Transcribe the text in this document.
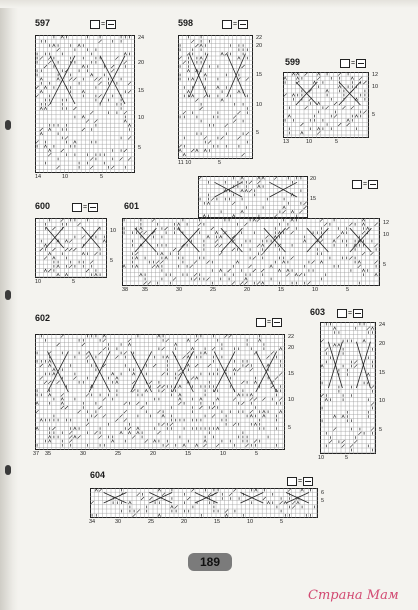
597	=
24
20
15
10
5
14	10	5
598	=
22
20
15
10
5
11 10	5
599	=
12
10
5
13	10	5
600	=
10
5
10	5
601
=
20
15
12
10
5
38	35	30	25	20	15	10	5
602	=
22
20
15
10
5
37 35	30	25	20	15	10	5
603	=
24
20
15
10
5
10	5
604
=
6
5
34	30	25	20	15	10	5
189
Страна Мам
